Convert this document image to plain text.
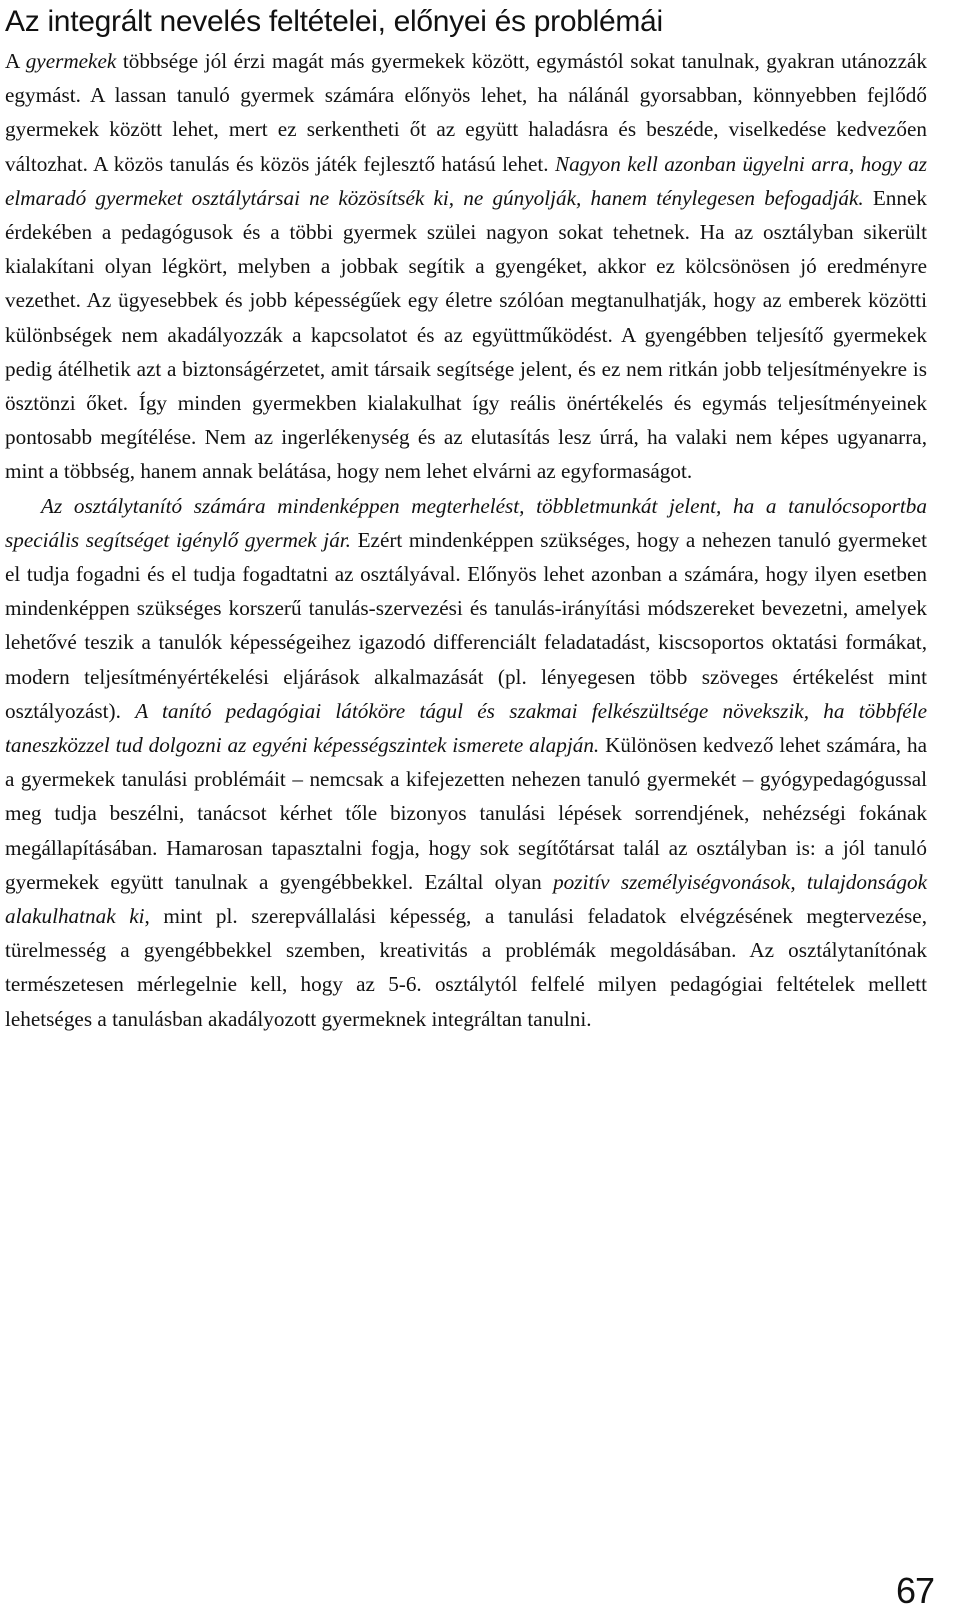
Az integrált nevelés feltételei, előnyei és problémái

A gyermekek többsége jól érzi magát más gyermekek között, egymástól sokat tanulnak, gyakran utánozzák egymást. A lassan tanuló gyermek számára előnyös lehet, ha nálánál gyorsabban, könnyebben fejlődő gyermekek között lehet, mert ez serkentheti őt az együtt haladásra és beszéde, viselkedése kedvezően változhat. A közös tanulás és közös játék fejlesztő hatású lehet. Nagyon kell azonban ügyelni arra, hogy az elmaradó gyermeket osztálytársai ne közösítsék ki, ne gúnyolják, hanem ténylegesen befogadják. Ennek érdekében a pedagógusok és a többi gyermek szülei nagyon sokat tehetnek. Ha az osztályban sikerült kialakítani olyan légkört, melyben a jobbak segítik a gyengéket, akkor ez kölcsönösen jó eredményre vezethet. Az ügyesebbek és jobb képességűek egy életre szólóan megtanulhatják, hogy az emberek közötti különbségek nem akadályozzák a kapcsolatot és az együttműködést. A gyengébben teljesítő gyermekek pedig átélhetik azt a biztonságérzetet, amit társaik segítsége jelent, és ez nem ritkán jobb teljesítményekre is ösztönzi őket. Így minden gyermekben kialakulhat így reális önértékelés és egymás teljesítményeinek pontosabb megítélése. Nem az ingerlékenység és az elutasítás lesz úrrá, ha valaki nem képes ugyanarra, mint a többség, hanem annak belátása, hogy nem lehet elvárni az egyformaságot.

Az osztálytanító számára mindenképpen megterhelést, többletmunkát jelent, ha a tanulócsoportba speciális segítséget igénylő gyermek jár. Ezért mindenképpen szükséges, hogy a nehezen tanuló gyermeket el tudja fogadni és el tudja fogadtatni az osztályával. Előnyös lehet azonban a számára, hogy ilyen esetben mindenképpen szükséges korszerű tanulás-szervezési és tanulás-irányítási módszereket bevezetni, amelyek lehetővé teszik a tanulók képességeihez igazodó differenciált feladatadást, kiscsoportos oktatási formákat, modern teljesítményértékelési eljárások alkalmazását (pl. lényegesen több szöveges értékelést mint osztályozást). A tanító pedagógiai látóköre tágul és szakmai felkészültsége növekszik, ha többféle taneszközzel tud dolgozni az egyéni képességszintek ismerete alapján. Különösen kedvező lehet számára, ha a gyermekek tanulási problémáit – nemcsak a kifejezetten nehezen tanuló gyermekét – gyógypedagógussal meg tudja beszélni, tanácsot kérhet tőle bizonyos tanulási lépések sorrendjének, nehézségi fokának megállapításában. Hamarosan tapasztalni fogja, hogy sok segítőtársat talál az osztályban is: a jól tanuló gyermekek együtt tanulnak a gyengébbekkel. Ezáltal olyan pozitív személyiségvonások, tulajdonságok alakulhatnak ki, mint pl. szerepvállalási képesség, a tanulási feladatok elvégzésének megtervezése, türelmesség a gyengébbekkel szemben, kreativitás a problémák megoldásában. Az osztálytanítónak természetesen mérlegelnie kell, hogy az 5-6. osztálytól felfelé milyen pedagógiai feltételek mellett lehetséges a tanulásban akadályozott gyermeknek integráltan tanulni.

67
